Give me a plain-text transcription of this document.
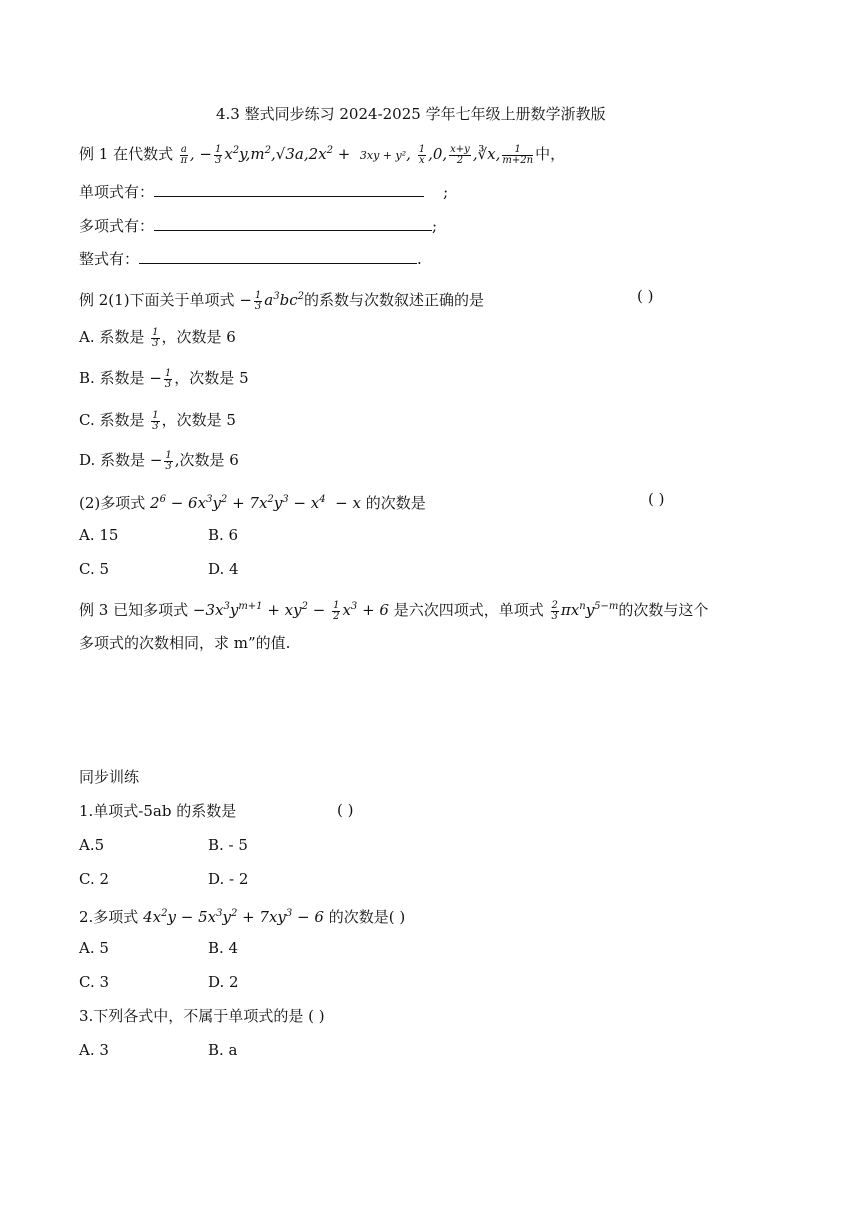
4.3 整式同步练习 2024-2025 学年七年级上册数学浙教版
例 1 在代数式 $\frac{a}{\pi}$ , − $\frac{1}{3} x^2y,m^2,√3a,2x^2 + 3xy + y^2$, $\frac{1}{x} ,0$, $\frac{x+y}{2}$ ,∛x, $\frac{1}{m+2n}$ 中，
单项式有：	;
多项式有：	;
整式有：	.
例 2(1)下面关于单项式 − $\frac{1}{3} a^3bc^2$的系数与次数叙述正确的是	( )
A. 系数是 $\frac{1}{3}$ ，次数是 6
B. 系数是 − $\frac{1}{3}$ ，次数是 5
C. 系数是 $\frac{1}{3}$ ，次数是 5
D. 系数是 − $\frac{1}{3}$ ,次数是 6
(2)多项式 $2^6 - 6x^3y^2 + 7x^2y^3 - x^4 - x$ 的次数是	( )
A. 15	B. 6
C. 5	D. 4
例 3 已知多项式 $-3x^3y^{m+1} + xy^2 - \frac{1}{2} x^3 + 6$ 是六次四项式，单项式 $\frac{2}{3} \pi x^ny^{5-m}$的次数与这个
多项式的次数相同，求 m”的值.
同步训练
1.单项式-5ab 的系数是	( )
A.5	B. - 5
C. 2	D. - 2
2.多项式 $4x^2y - 5x^3y^2 + 7xy^3 - 6$ 的次数是( )
A. 5	B. 4
C. 3	D. 2
3.下列各式中，不属于单项式的是 ( )
A. 3	B. a
